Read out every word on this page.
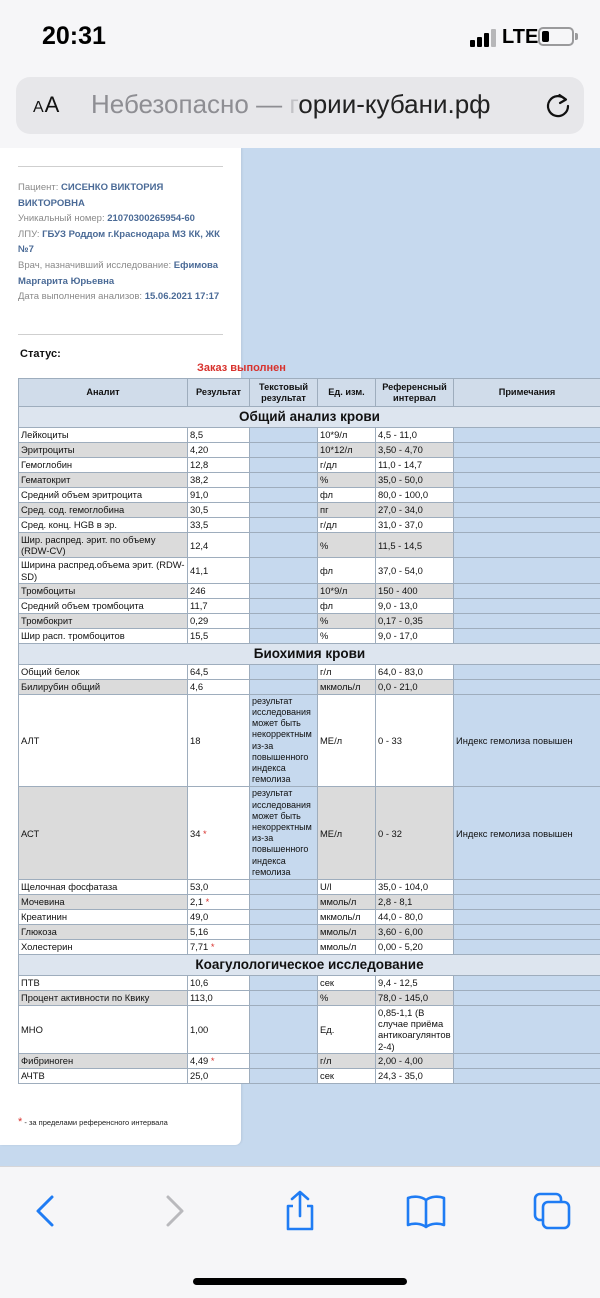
20:31	LTE
AA Небезопасно — гории-кубани.рф
Пациент: СИСЕНКО ВИКТОРИЯ ВИКТОРОВНА
Уникальный номер: 21070300265954-60
ЛПУ: ГБУЗ Роддом г.Краснодара МЗ КК, ЖК №7
Врач, назначивший исследование: Ефимова Маргарита Юрьевна
Дата выполнения анализов: 15.06.2021 17:17
Статус:
Заказ выполнен
Аналит	Результат	Текстовый результат	Ед. изм.	Референсный интервал	Примечания
Общий анализ крови					
Лейкоциты	8,5		10*9/л	4,5 - 11,0	
Эритроциты	4,20		10*12/л	3,50 - 4,70	
Гемоглобин	12,8		г/дл	11,0 - 14,7	
Гематокрит	38,2		%	35,0 - 50,0	
Средний объем эритроцита	91,0		фл	80,0 - 100,0	
Сред. сод. гемоглобина	30,5		пг	27,0 - 34,0	
Сред. конц. HGB в эр.	33,5		г/дл	31,0 - 37,0	
Шир. распред. эрит. по объему (RDW-CV)	12,4		%	11,5 - 14,5	
Ширина распред.объема эрит. (RDW-SD)	41,1		фл	37,0 - 54,0	
Тромбоциты	246		10*9/л	150 - 400	
Средний объем тромбоцита	11,7		фл	9,0 - 13,0	
Тромбокрит	0,29		%	0,17 - 0,35	
Шир расп. тромбоцитов	15,5		%	9,0 - 17,0	
Биохимия крови					
Общий белок	64,5		г/л	64,0 - 83,0	
Билирубин общий	4,6		мкмоль/л	0,0 - 21,0	
АЛТ	18	результат исследования может быть некорректным из-за повышенного индекса гемолиза	МЕ/л	0 - 33	Индекс гемолиза повышен
АСТ	34 *	результат исследования может быть некорректным из-за повышенного индекса гемолиза	МЕ/л	0 - 32	Индекс гемолиза повышен
Щелочная фосфатаза	53,0		U/l	35,0 - 104,0	
Мочевина	2,1 *		ммоль/л	2,8 - 8,1	
Креатинин	49,0		мкмоль/л	44,0 - 80,0	
Глюкоза	5,16		ммоль/л	3,60 - 6,00	
Холестерин	7,71 *		ммоль/л	0,00 - 5,20	
Коагулологическое исследование					
ПТВ	10,6		сек	9,4 - 12,5	
Процент активности по Квику	113,0		%	78,0 - 145,0	
МНО	1,00		Ед.	0,85-1,1 (В случае приёма антикоагулянтов 2-4)	
Фибриноген	4,49 *		г/л	2,00 - 4,00	
АЧТВ	25,0		сек	24,3 - 35,0	
* - за пределами референсного интервала
